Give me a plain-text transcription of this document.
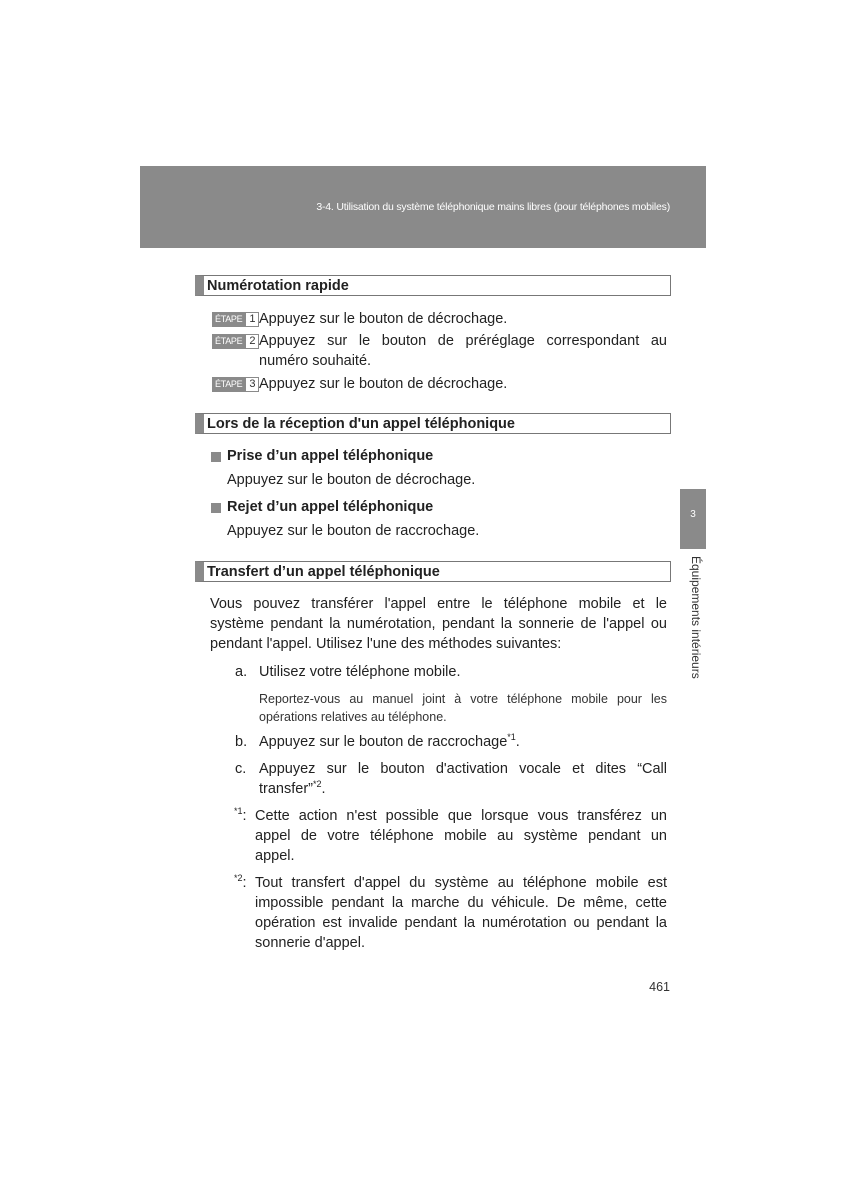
3-4. Utilisation du système téléphonique mains libres (pour téléphones mobiles)
3
Équipements intérieurs
Numérotation rapide
ÉTAPE 1 Appuyez sur le bouton de décrochage.
ÉTAPE 2 Appuyez sur le bouton de préréglage correspondant au
numéro souhaité.
ÉTAPE 3 Appuyez sur le bouton de décrochage.
Lors de la réception d'un appel téléphonique
Prise d’un appel téléphonique
Appuyez sur le bouton de décrochage.
Rejet d’un appel téléphonique
Appuyez sur le bouton de raccrochage.
Transfert d’un appel téléphonique
Vous pouvez transférer l'appel entre le téléphone mobile et le
système pendant la numérotation, pendant la sonnerie de l'appel ou
pendant l'appel. Utilisez l'une des méthodes suivantes:
a. Utilisez votre téléphone mobile.
Reportez-vous au manuel joint à votre téléphone mobile pour les
opérations relatives au téléphone.
b. Appuyez sur le bouton de raccrochage$^{*1}$.
c. Appuyez sur le bouton d'activation vocale et dites “Call
transfer”$^{*2}$.
$^{*1}$: Cette action n'est possible que lorsque vous transférez un
appel de votre téléphone mobile au système pendant un
appel.
$^{*2}$: Tout transfert d'appel du système au téléphone mobile est
impossible pendant la marche du véhicule. De même, cette
opération est invalide pendant la numérotation ou pendant la
sonnerie d'appel.
461
